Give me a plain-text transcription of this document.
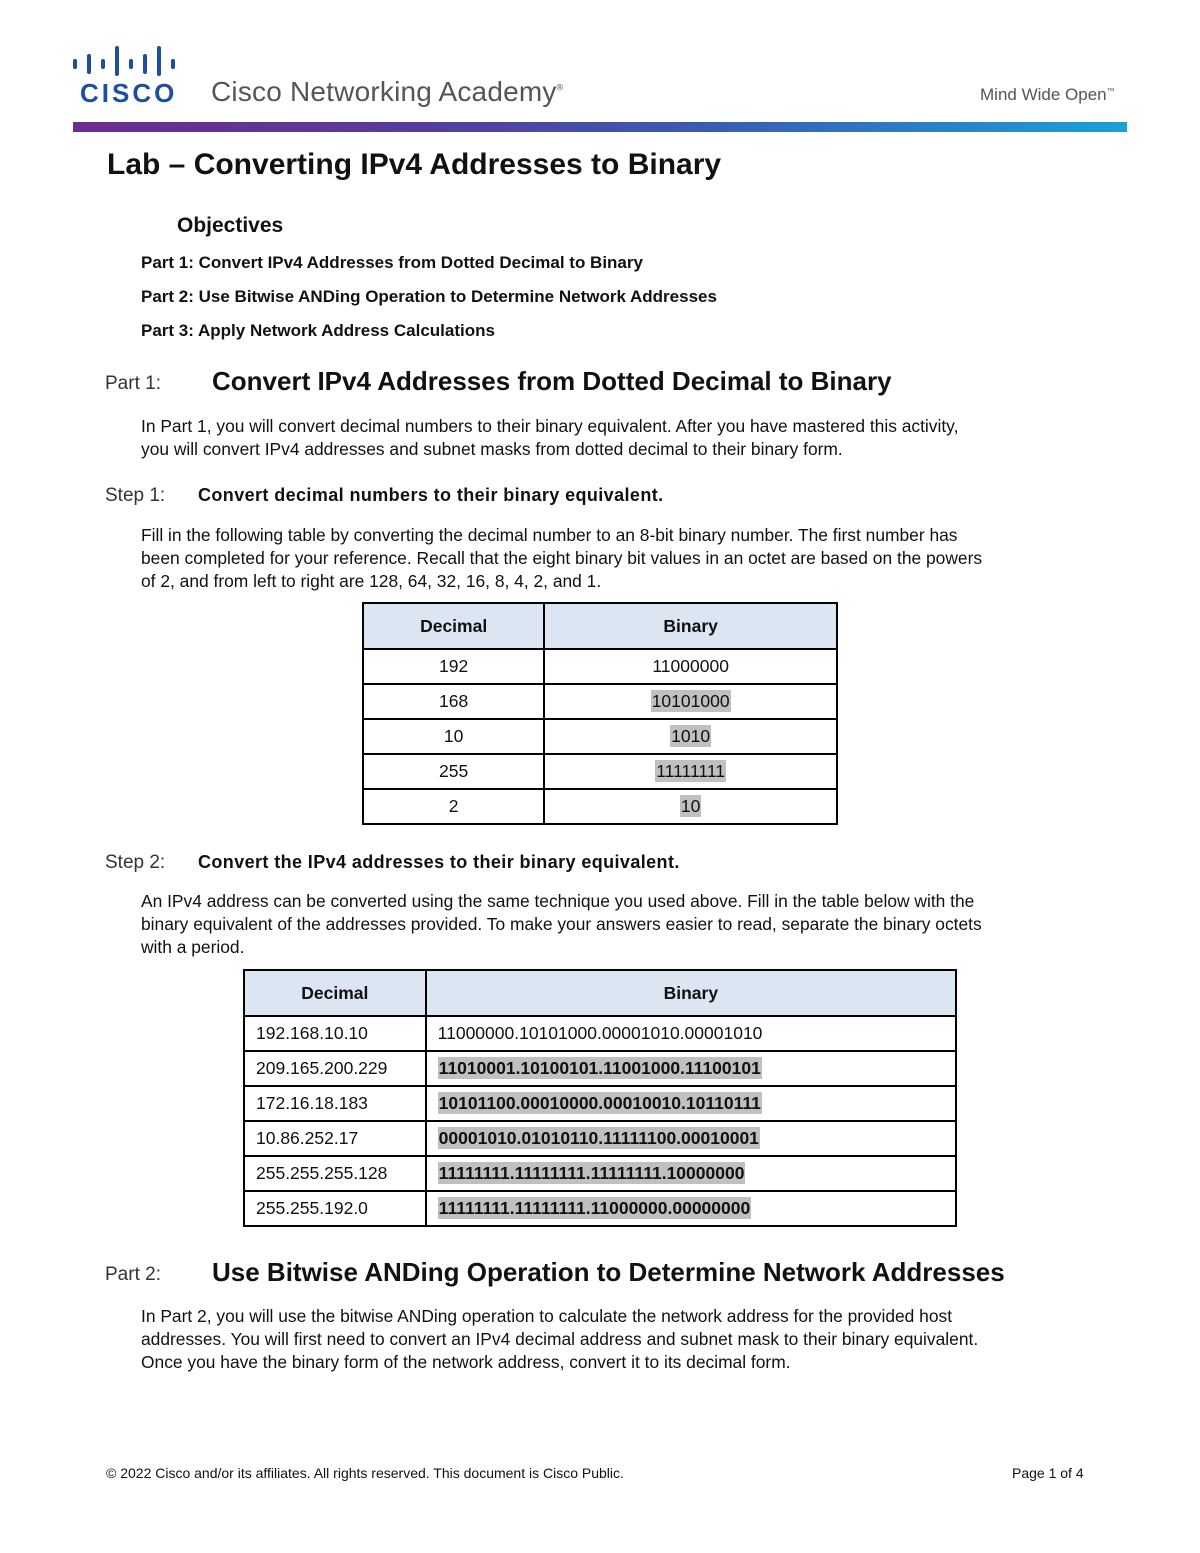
CISCO Cisco Networking Academy®	Mind Wide Open™
Lab – Converting IPv4 Addresses to Binary
Objectives
Part 1: Convert IPv4 Addresses from Dotted Decimal to Binary
Part 2: Use Bitwise ANDing Operation to Determine Network Addresses
Part 3: Apply Network Address Calculations
Part 1: Convert IPv4 Addresses from Dotted Decimal to Binary
In Part 1, you will convert decimal numbers to their binary equivalent. After you have mastered this activity,
you will convert IPv4 addresses and subnet masks from dotted decimal to their binary form.
Step 1: Convert decimal numbers to their binary equivalent.
Fill in the following table by converting the decimal number to an 8-bit binary number. The first number has
been completed for your reference. Recall that the eight binary bit values in an octet are based on the powers
of 2, and from left to right are 128, 64, 32, 16, 8, 4, 2, and 1.
Decimal	Binary
192	11000000
168	10101000
10	1010
255	11111111
2	10
Step 2: Convert the IPv4 addresses to their binary equivalent.
An IPv4 address can be converted using the same technique you used above. Fill in the table below with the
binary equivalent of the addresses provided. To make your answers easier to read, separate the binary octets
with a period.
Decimal	Binary
192.168.10.10	11000000.10101000.00001010.00001010
209.165.200.229	11010001.10100101.11001000.11100101
172.16.18.183	10101100.00010000.00010010.10110111
10.86.252.17	00001010.01010110.11111100.00010001
255.255.255.128	11111111.11111111.11111111.10000000
255.255.192.0	11111111.11111111.11000000.00000000
Part 2: Use Bitwise ANDing Operation to Determine Network Addresses
In Part 2, you will use the bitwise ANDing operation to calculate the network address for the provided host
addresses. You will first need to convert an IPv4 decimal address and subnet mask to their binary equivalent.
Once you have the binary form of the network address, convert it to its decimal form.
© 2022 Cisco and/or its affiliates. All rights reserved. This document is Cisco Public.	Page 1 of 4
